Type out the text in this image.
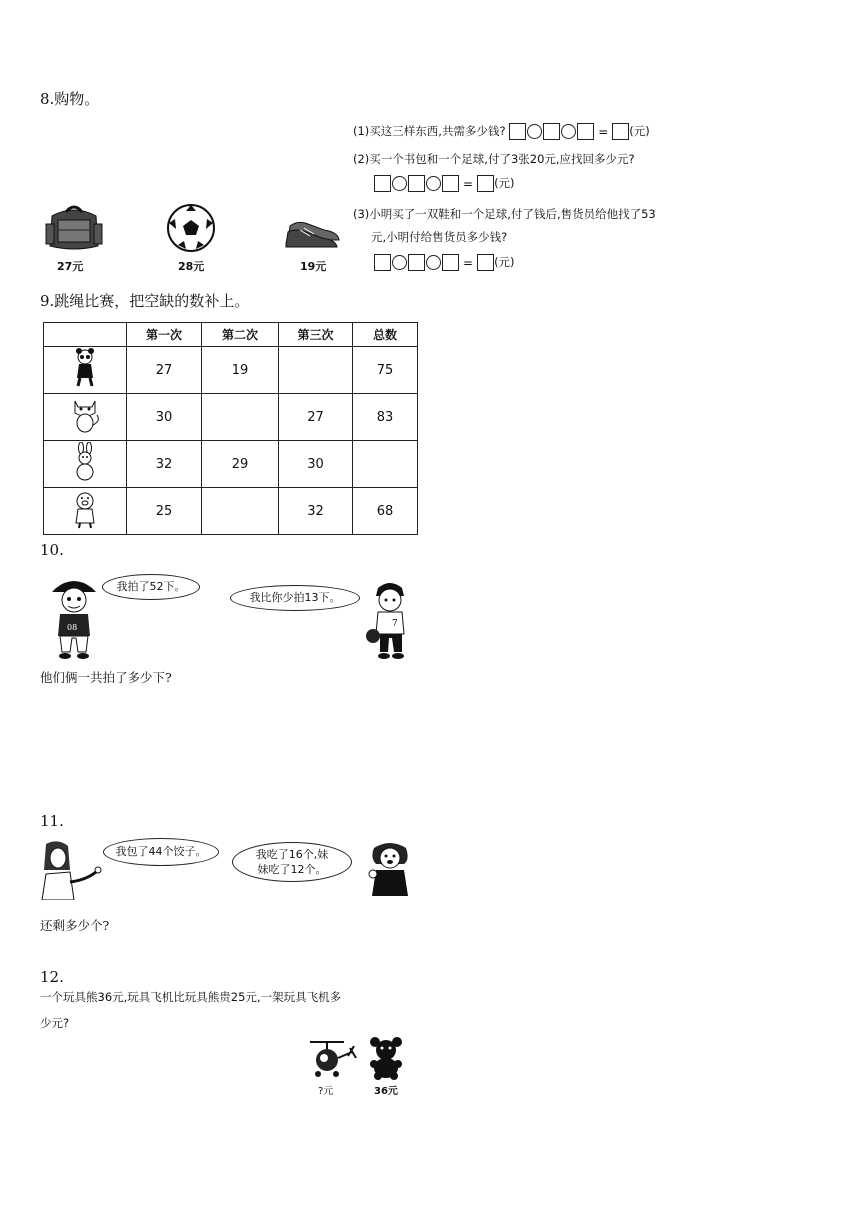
8.购物。
27元	28元	19元
(1)买这三样东西,共需多少钱?	= (元)
(2)买一个书包和一个足球,付了3张20元,应找回多少元?
= (元)
(3)小明买了一双鞋和一个足球,付了钱后,售货员给他找了53
元,小明付给售货员多少钱?
= (元)
9.跳绳比赛，把空缺的数补上。
	第一次	第二次	第三次	总数
	27	19		75
	30		27	83
	32	29	30	
	25		32	68
10.
08
我拍了52下。
我比你少拍13下。
7
他们俩一共拍了多少下?
11.
我包了44个饺子。	我吃了16个,妹
妹吃了12个。
还剩多少个?
12.
一个玩具熊36元,玩具飞机比玩具熊贵25元,一架玩具飞机多
少元?
?元	36元
